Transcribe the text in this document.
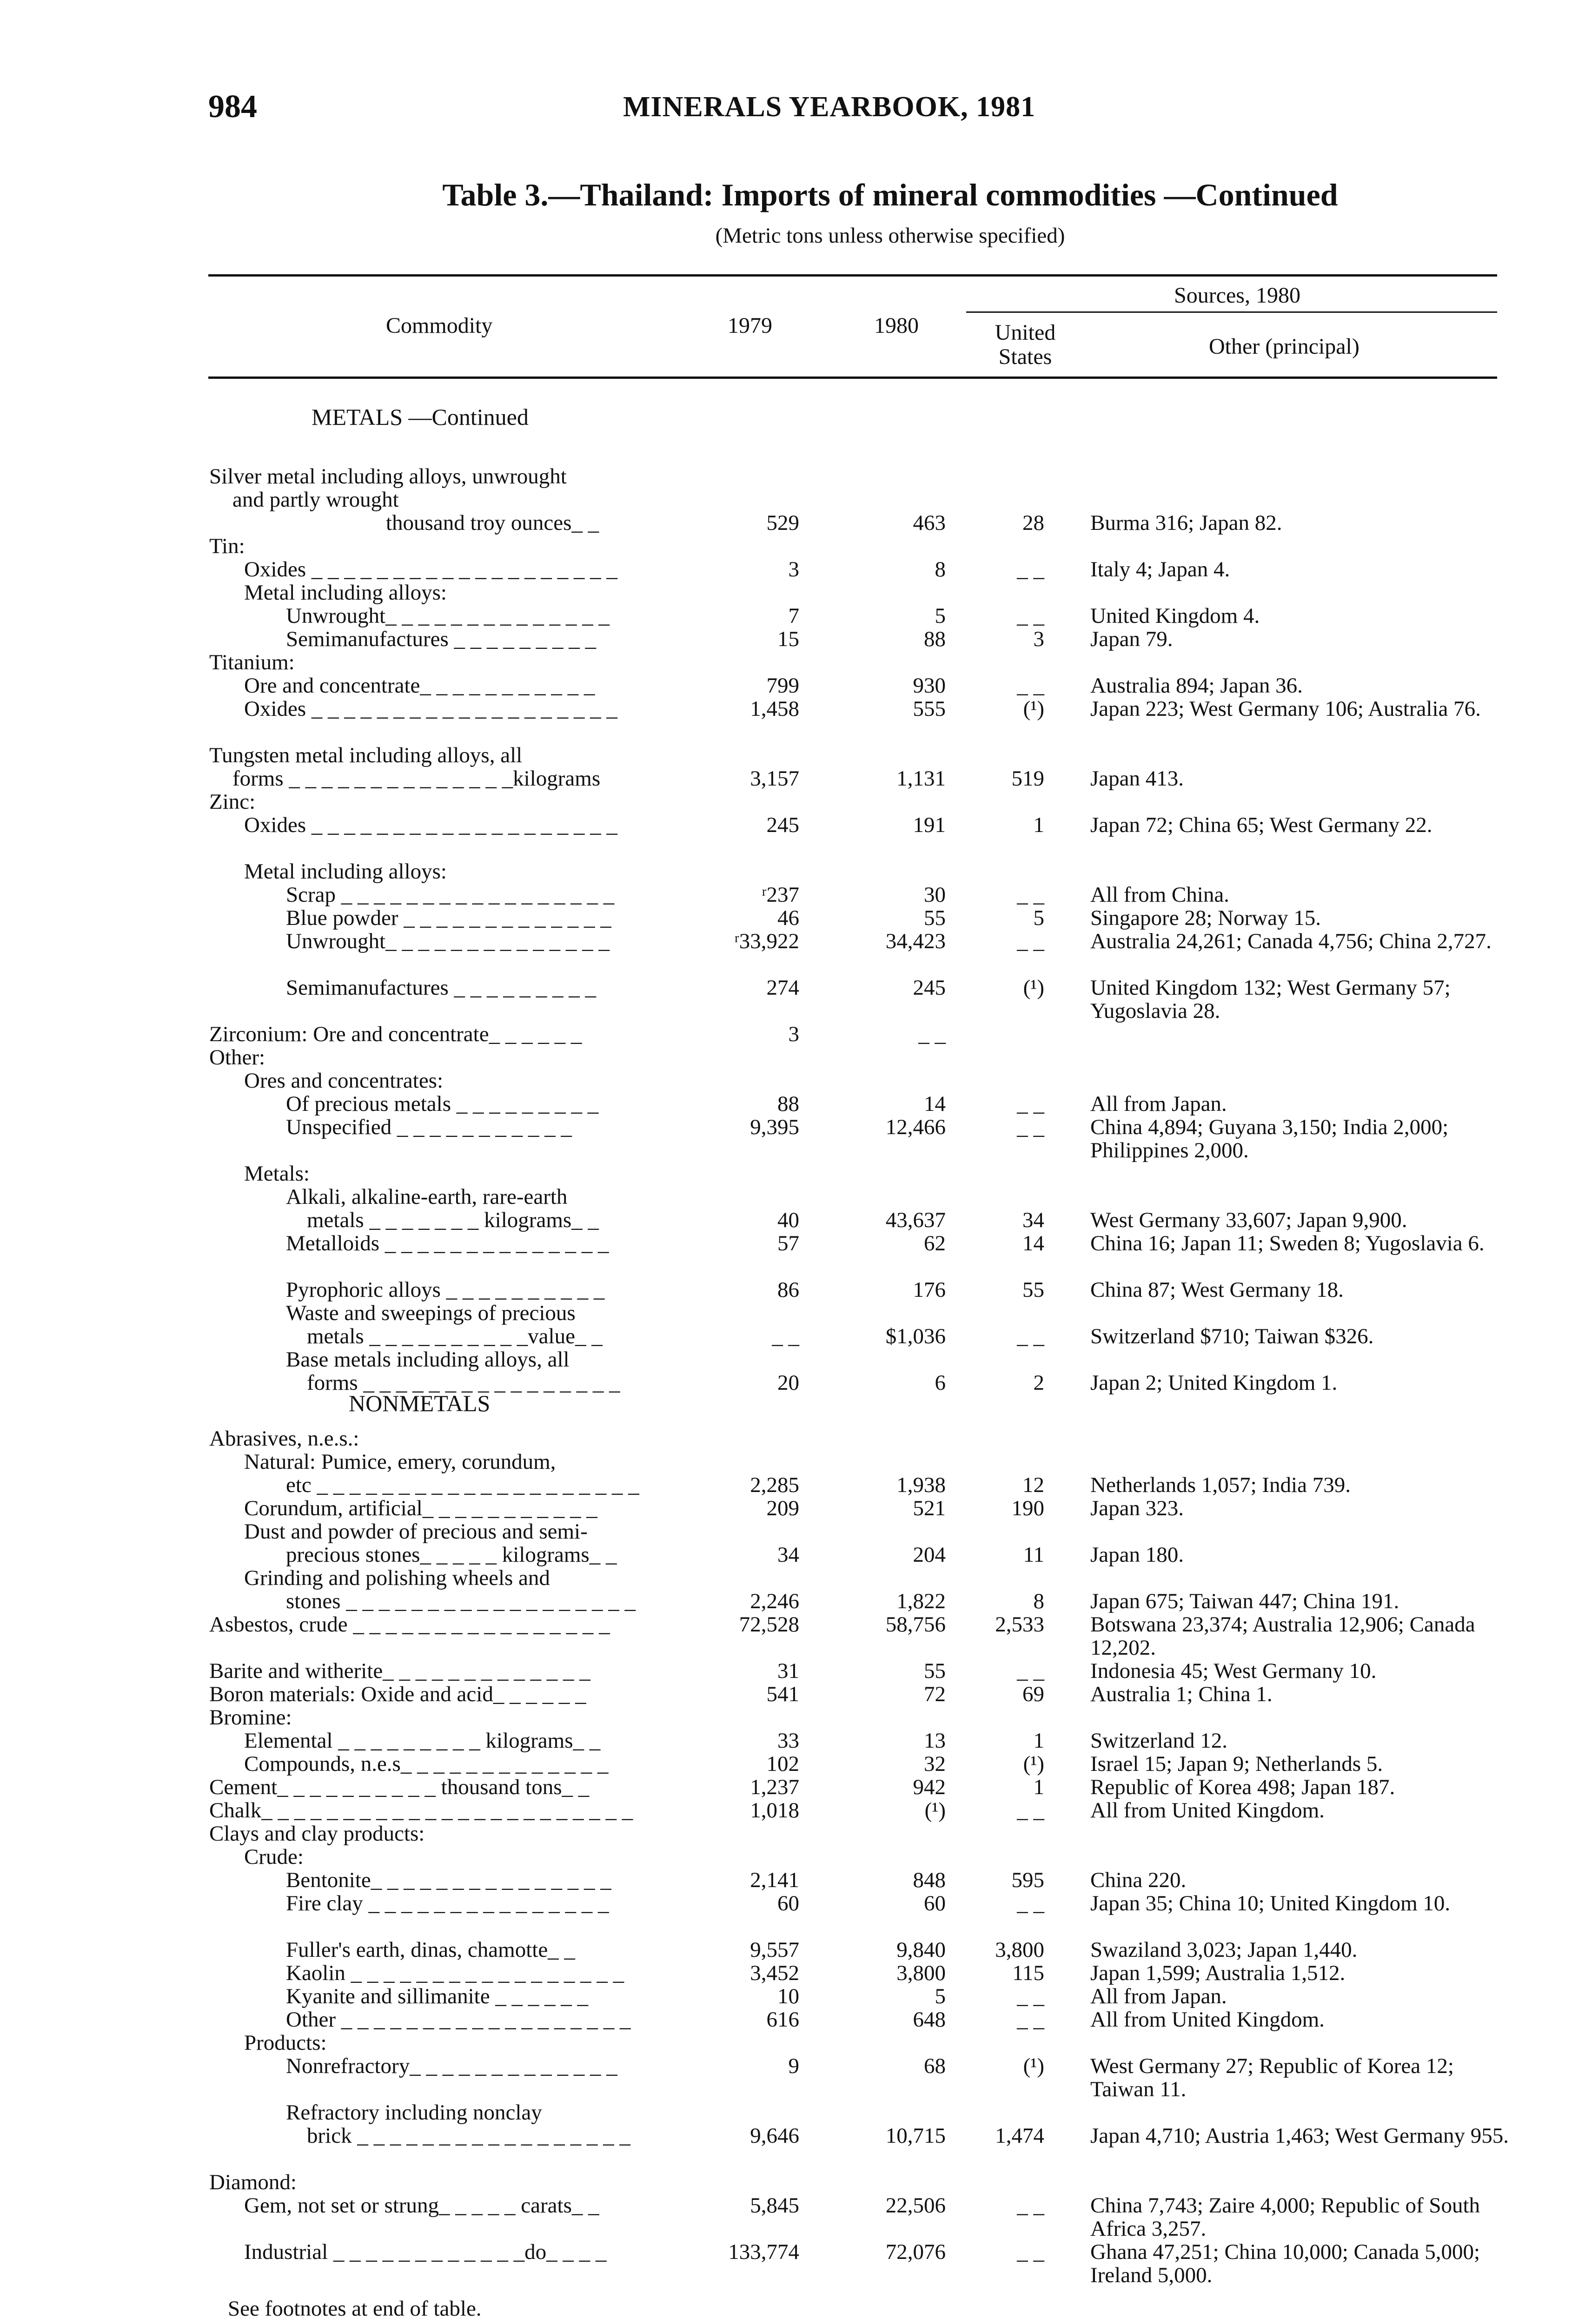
984	MINERALS YEARBOOK, 1981
Table 3.—Thailand: Imports of mineral commodities —Continued
(Metric tons unless otherwise specified)
Commodity	1979	1980
Sources, 1980
United States	Other (principal)
METALS —Continued
NONMETALS
Silver metal including alloys, unwrought
and partly wrought
thousand troy ounces_ _	529	463	28 Burma 316; Japan 82.
Tin:
Oxides _ _ _ _ _ _ _ _ _ _ _ _ _ _ _ _ _ _ _	3	8	_ _ Italy 4; Japan 4.
Metal including alloys:
Unwrought_ _ _ _ _ _ _ _ _ _ _ _ _ _	7	5	_ _ United Kingdom 4.
Semimanufactures _ _ _ _ _ _ _ _ _	15	88	3 Japan 79.
Titanium:
Ore and concentrate_ _ _ _ _ _ _ _ _ _ _	799	930	_ _ Australia 894; Japan 36.
Oxides _ _ _ _ _ _ _ _ _ _ _ _ _ _ _ _ _ _ _	1,458	555	(¹) Japan 223; West Germany 106; Australia 76.
Tungsten metal including alloys, all
forms _ _ _ _ _ _ _ _ _ _ _ _ _ _kilograms	3,157	1,131	519 Japan 413.
Zinc:
Oxides _ _ _ _ _ _ _ _ _ _ _ _ _ _ _ _ _ _ _	245	191	1 Japan 72; China 65; West Germany 22.
Metal including alloys:
Scrap _ _ _ _ _ _ _ _ _ _ _ _ _ _ _ _ _	ʳ237	30	_ _ All from China.
Blue powder _ _ _ _ _ _ _ _ _ _ _ _ _	46	55	5 Singapore 28; Norway 15.
Unwrought_ _ _ _ _ _ _ _ _ _ _ _ _ _	ʳ33,922	34,423	_ _ Australia 24,261; Canada 4,756; China 2,727.
Semimanufactures _ _ _ _ _ _ _ _ _	274	245	(¹) United Kingdom 132; West Germany 57; Yugoslavia 28.
Zirconium: Ore and concentrate_ _ _ _ _ _	3	_ _
Other:
Ores and concentrates:
Of precious metals _ _ _ _ _ _ _ _ _	88	14	_ _ All from Japan.
Unspecified _ _ _ _ _ _ _ _ _ _ _	9,395	12,466	_ _ China 4,894; Guyana 3,150; India 2,000; Philippines 2,000.
Metals:
Alkali, alkaline-earth, rare-earth
metals _ _ _ _ _ _ _ kilograms_ _	40	43,637	34 West Germany 33,607; Japan 9,900.
Metalloids _ _ _ _ _ _ _ _ _ _ _ _ _ _	57	62	14 China 16; Japan 11; Sweden 8; Yugoslavia 6.
Pyrophoric alloys _ _ _ _ _ _ _ _ _ _	86	176	55 China 87; West Germany 18.
Waste and sweepings of precious
metals _ _ _ _ _ _ _ _ _ _value_ _	_ _	$1,036	_ _ Switzerland $710; Taiwan $326.
Base metals including alloys, all
forms _ _ _ _ _ _ _ _ _ _ _ _ _ _ _ _	20	6	2 Japan 2; United Kingdom 1.
Abrasives, n.e.s.:
Natural: Pumice, emery, corundum,
etc _ _ _ _ _ _ _ _ _ _ _ _ _ _ _ _ _ _ _ _	2,285	1,938	12 Netherlands 1,057; India 739.
Corundum, artificial_ _ _ _ _ _ _ _ _ _ _	209	521	190 Japan 323.
Dust and powder of precious and semi-
precious stones_ _ _ _ _ kilograms_ _	34	204	11 Japan 180.
Grinding and polishing wheels and
stones _ _ _ _ _ _ _ _ _ _ _ _ _ _ _ _ _ _	2,246	1,822	8 Japan 675; Taiwan 447; China 191.
Asbestos, crude _ _ _ _ _ _ _ _ _ _ _ _ _ _ _ _	72,528	58,756 2,533 Botswana 23,374; Australia 12,906; Canada 12,202.
Barite and witherite_ _ _ _ _ _ _ _ _ _ _ _ _	31	55	_ _ Indonesia 45; West Germany 10.
Boron materials: Oxide and acid_ _ _ _ _ _	541	72	69 Australia 1; China 1.
Bromine:
Elemental _ _ _ _ _ _ _ _ _ kilograms_ _	33	13	1 Switzerland 12.
Compounds, n.e.s_ _ _ _ _ _ _ _ _ _ _ _ _	102	32	(¹) Israel 15; Japan 9; Netherlands 5.
Cement_ _ _ _ _ _ _ _ _ _ thousand tons_ _	1,237	942	1 Republic of Korea 498; Japan 187.
Chalk_ _ _ _ _ _ _ _ _ _ _ _ _ _ _ _ _ _ _ _ _ _ _	1,018	(¹)	_ _ All from United Kingdom.
Clays and clay products:
Crude:
Bentonite_ _ _ _ _ _ _ _ _ _ _ _ _ _ _	2,141	848	595 China 220.
Fire clay _ _ _ _ _ _ _ _ _ _ _ _ _ _ _	60	60	_ _ Japan 35; China 10; United Kingdom 10.
Fuller's earth, dinas, chamotte_ _	9,557	9,840 3,800 Swaziland 3,023; Japan 1,440.
Kaolin _ _ _ _ _ _ _ _ _ _ _ _ _ _ _ _ _	3,452	3,800	115 Japan 1,599; Australia 1,512.
Kyanite and sillimanite _ _ _ _ _ _	10	5	_ _ All from Japan.
Other _ _ _ _ _ _ _ _ _ _ _ _ _ _ _ _ _ _	616	648	_ _ All from United Kingdom.
Products:
Nonrefractory_ _ _ _ _ _ _ _ _ _ _ _ _	9	68	(¹) West Germany 27; Republic of Korea 12; Taiwan 11.
Refractory including nonclay
brick _ _ _ _ _ _ _ _ _ _ _ _ _ _ _ _ _	9,646	10,715 1,474 Japan 4,710; Austria 1,463; West Germany 955.
Diamond:
Gem, not set or strung_ _ _ _ _ carats_ _	5,845	22,506	_ _ China 7,743; Zaire 4,000; Republic of South Africa 3,257.
Industrial _ _ _ _ _ _ _ _ _ _ _ _do_ _ _ _	133,774	72,076	_ _ Ghana 47,251; China 10,000; Canada 5,000; Ireland 5,000.
See footnotes at end of table.
